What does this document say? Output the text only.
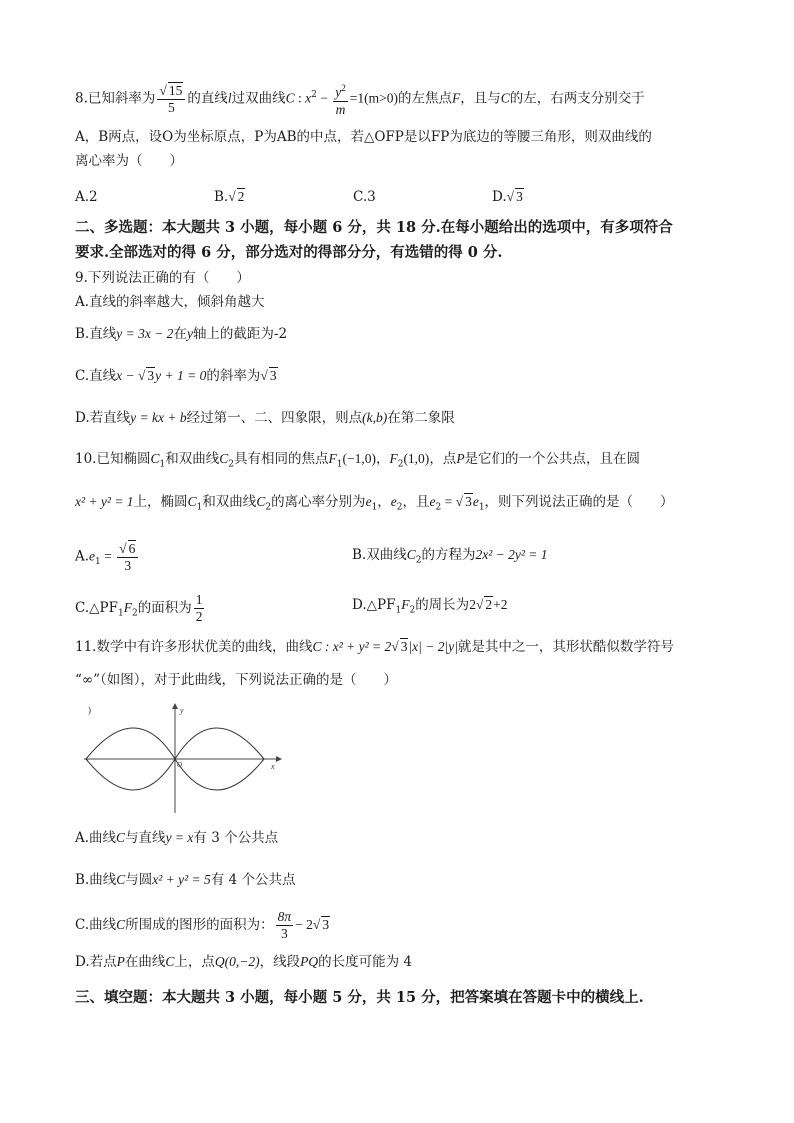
8.已知斜率为
√ $\frac{15}{5}$ 的直线l过双曲线C : $x^2 - \frac{y^2}{m} =1(m>0)$的左焦点F，且与C的左，右两支分别交于
A，B两点，设O为坐标原点，P为AB的中点，若△OFP是以FP为底边的等腰三角形，则双曲线的
离心率为（　　）
A.2	B.√ 2	C.3	D.√ 3
二、多选题：本大题共 3 小题，每小题 6 分，共 18 分.在每小题给出的选项中，有多项符合
要求.全部选对的得 6 分，部分选对的得部分分，有选错的得 0 分.
9.下列说法正确的有（　　）
A.直线的斜率越大，倾斜角越大
B.直线y = 3x − 2在y轴上的截距为-2
C.直线x − √ 3y + 1 = 0的斜率为√ 3
D.若直线y = kx + b经过第一、二、四象限，则点(k,b)在第二象限
10.已知椭圆$C_1$和双曲线$C_2$具有相同的焦点$F_1(-1,0)$，$F_2(1,0)$，点P是它们的一个公共点，且在圆
x² + y² = 1上，椭圆$C_1$和双曲线$C_2$的离心率分别为$e_1$，$e_2$，且$e_2$ = √ $3e_1$，则下列说法正确的是（　　）
$A.e_1$ =
√ $\frac{6}{3}$	B.双曲线$C_2$的方程为2x² − 2y² = 1
$C.\triangle PF_1F_2$的面积为 $\frac{1}{2}$	$D.\triangle PF_1F_2$的周长为2√ 2+2
11.数学中有许多形状优美的曲线，曲线C : x² + y² = 2√ 3|x| − 2|y|就是其中之一，其形状酷似数学符号
“∞”（如图），对于此曲线，下列说法正确的是（　　）
)	y
x
O
A.曲线C与直线y = x有 3 个公共点
B.曲线C与圆x² + y² = 5有 4 个公共点
C.曲线C所围成的图形的面积为： $\frac{8\pi}{3} - 2√$ 3
D.若点P在曲线C上，点Q(0,−2)，线段PQ的长度可能为 4
三、填空题：本大题共 3 小题，每小题 5 分，共 15 分，把答案填在答题卡中的横线上.
